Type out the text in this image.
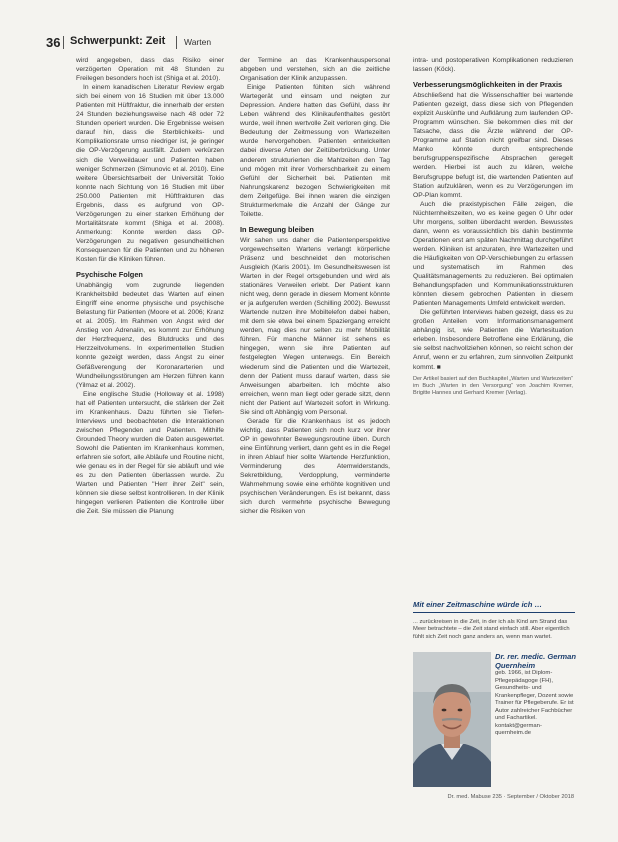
36 Schwerpunkt: Zeit Warten

wird angegeben, dass das Risiko einer verzögerten Operation mit 48 Stunden zu Freilegen besonders hoch ist (Shiga et al. 2010).

In einem kanadischen Literatur Review ergab sich bei einem von 16 Studien mit über 13.000 Patienten mit Hüftfraktur, die innerhalb der ersten 24 Stunden beziehungsweise nach 48 oder 72 Stunden operiert wurden. Die Ergebnisse weisen darauf hin, dass die Sterblichkeits- und Komplikationsrate umso niedriger ist, je geringer die OP-Verzögerung ausfällt. Zudem verkürzen sich die Verweildauer und Patienten haben weniger Schmerzen (Simunovic et al. 2010). Eine weitere Übersichtsarbeit der Universität Tokio konnte nach Sichtung von 16 Studien mit über 250.000 Patienten mit Hüftfrakturen das Ergebnis, dass es aufgrund von OP-Verzögerungen zu einer starken Erhöhung der Mortalitätsrate kommt (Shiga et al. 2008). Anmerkung: Konnte werden dass OP-Verzögerungen zu negativen gesundheitlichen Konsequenzen für die Patienten und zu höheren Kosten für die Kliniken führen.

Psychische Folgen

Unabhängig vom zugrunde liegenden Krankheitsbild bedeutet das Warten auf einen Eingriff eine enorme physische und psychische Belastung für Patienten (Moore et al. 2006; Kranz et al. 2005). Im Rahmen von Angst wird der Anstieg von Adrenalin, es kommt zur Erhöhung der Herzfrequenz, des Blutdrucks und des Herzzeitvolumens. In experimentellen Studien konnte gezeigt werden, dass Angst zu einer Gefäßverengung der Koronararterien und Wundheilungsstörungen am Herzen führen kann (Yilmaz et al. 2002).

Eine englische Studie (Holloway et al. 1998) hat elf Patienten untersucht, die stärken der Zeit im Krankenhaus. Dazu führten sie Tiefen-Interviews und beobachteten die Interaktionen zwischen Pflegenden und Patienten. Mithilfe Grounded Theory wurden die Daten ausgewertet. Sowohl die Patienten im Krankenhaus kommen, erfahren sie sofort, alle Abläufe und Routine nicht, wie genau es in der Regel für sie abläuft und wie es zu den Patienten überlassen wurde. Zu Warten und Patienten "Herr ihrer Zeit" sein, können sie diese selbst kontrollieren. In der Klinik hingegen verlieren Patienten die Kontrolle über die Zeit. Sie müssen die Planung

der Termine an das Krankenhauspersonal abgeben und verstehen, sich an die zeitliche Organisation der Klinik anzupassen.

Einige Patienten fühlten sich während Wartegerät und einsam und neigten zur Depression. Andere hatten das Gefühl, dass ihr Leben während des Klinikaufenthaltes gestört wurde, weil ihnen wertvolle Zeit verloren ging. Die Bedeutung der Zeitmessung von Wartezeiten wurde hervorgehoben. Patienten entwickelten dabei diverse Arten der Zeitüberbrückung. Unter anderem strukturierten die Mahlzeiten den Tag und mögen mit ihrer Vorherschbarkeit zu einem Gefühl der Sicherheit bei. Patienten mit Nahrungskarenz bezogen Schwierigkeiten mit dem Zeitgefüge. Bei ihnen waren die einzigen Strukturmerkmale die Anzahl der Gänge zur Toilette.

In Bewegung bleiben

Wir sahen uns daher die Patientenperspektive vorgewechselten Wartens verlangt körperliche Präsenz und beschneidet den motorischen Ausgleich (Karis 2001). Im Gesundheitswesen ist Warten in der Regel ortsgebunden und wird als stationäres Verweilen erlebt. Der Patient kann nicht weg, denn gerade in diesem Moment könnte er ja aufgerufen werden (Schilling 2002). Bewusst Wartende nutzen ihre Mobiltelefon dabei haben, mit dem sie etwa bei einem Spaziergang erreicht werden, mag dies nur selten zu mehr Mobilität führen. Für manche Männer ist sehens es hingegen, wenn sie ihre Patienten auf festgelegten Wegen unterwegs. Ein Bereich wiederum sind die Patienten und die Wartezeit, denn der Patient muss darauf warten, dass sie Anweisungen abarbeiten. Ich möchte also erreichen, wenn man liegt oder gerade sitzt, denn nicht der Patient auf Wartezeit sofort in Wirkung. Sie sind oft Abhängig vom Personal.

Gerade für die Krankenhaus ist es jedoch wichtig, dass Patienten sich noch kurz vor ihrer OP in gewohnter Bewegungsroutine üben. Durch eine Einführung verliert, dann geht es in die Regel in ihren Ablauf hier sollte Wartende Herzfunktion, Verminderung des Atemwiderstands, Sekretbildung, Verdopplung, verminderte Wahrnehmung sowie eine erhöhte kognitiven und psychischen Veränderungen. Es ist bekannt, dass sich durch vermehrte psychische Bewegung sicher die Risiken von

intra- und postoperativen Komplikationen reduzieren lassen (Köck).

Verbesserungsmöglichkeiten in der Praxis

Abschließend hat die Wissenschaftler bei wartende Patienten gezeigt, dass diese sich von Pflegenden explizit Auskünfte und Aufklärung zum laufenden OP-Programm wünschen. Sie bekommen dies mit der Tatsache, dass die Ärzte während der OP-Programme auf Station nicht greifbar sind. Dieses Manko könnte durch entsprechende berufsgruppenspezifische Absprachen geregelt werden. Hierbei ist auch zu klären, welche Berufsgruppe befugt ist, die wartenden Patienten auf Station aufzuklären, wenn es zu Verzögerungen im OP-Plan kommt.

Auch die praxistypischen Fälle zeigen, die Nüchternheitszeiten, wo es keine gegen 0 Uhr oder Uhr morgens, sollten überdacht werden. Bewusstes dann, wenn es voraussichtlich bis dahin bestimmte Operationen erst am späten Nachmittag durchgeführt werden. Kliniken ist anzuraten, ihre Wartezeiten und die Häufigkeiten von OP-Verschiebungen zu erfassen und systematisch im Rahmen des Qualitätsmanagements zu reduzieren. Bei optimalen Behandlungspfaden und Kommunikationsstrukturen könnten diesem gebrochen Patienten in diesem Patienten Managements Umfeld entwickelt werden.

Die geführten Interviews haben gezeigt, dass es zu großen Anteilen vom Informationsmanagement abhängig ist, wie Patienten die Wartesituation erleben. Insbesondere Betroffene eine Erklärung, die sie selbst nachvollziehen können, so reicht schon der Anruf, wenn er zu erfahren, zum sinnvollen Zeitpunkt kommt. ■

Der Artikel basiert auf den Buchkapitel „Warten und Wartezeiten“ im Buch „Warten in den Versorgung“ von Joachim Kremer, Brigitte Hannes und Gerhard Kremer (Verlag).

Mit einer Zeitmaschine würde ich …
... zurückreisen in die Zeit, in der ich als Kind am Strand das Meer betrachtete – die Zeit stand einfach still. Aber eigentlich fühlt sich Zeit noch ganz anders an, wenn man wartet.
Dr. rer. medic. German Quernheim
geb. 1966, ist Diplom-Pflegepädagoge (FH), Gesundheits- und Krankenpfleger, Dozent sowie Trainer für Pflegeberufe. Er ist Autor zahlreicher Fachbücher und Fachartikel.
kontakt@german-quernheim.de
Dr. med. Mabuse 235 · September / Oktober 2018
